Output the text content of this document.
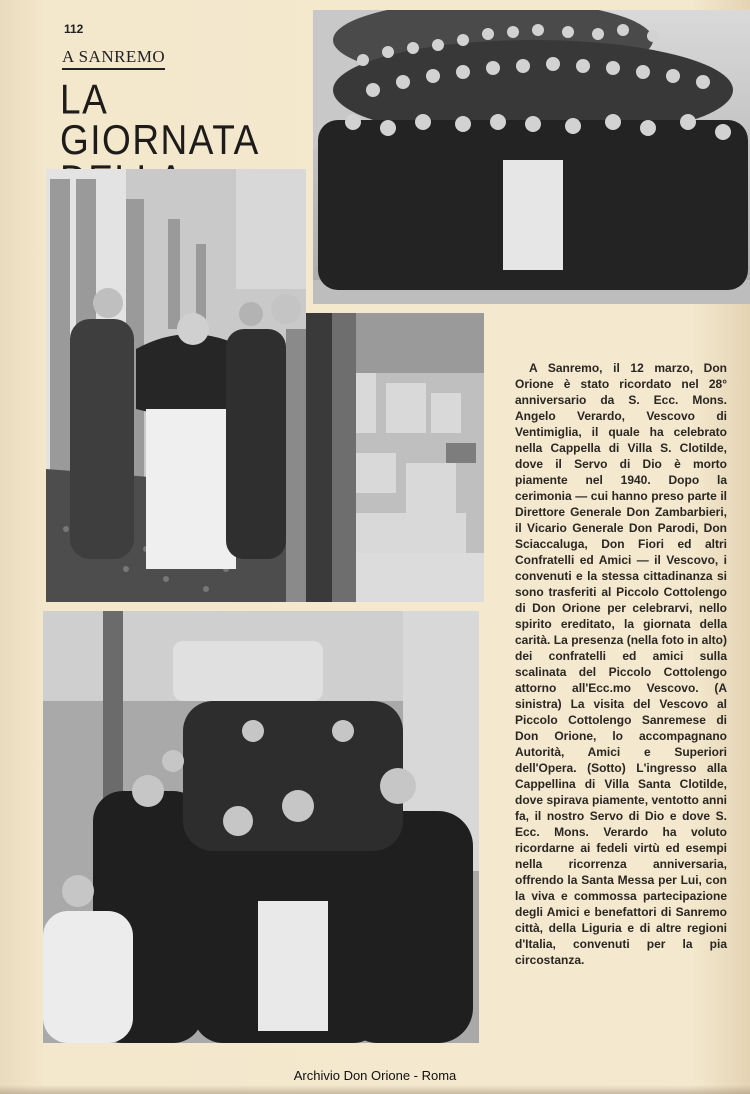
112
A SANREMO
LA GIORNATA

A Sanremo, il 12 marzo, Don Orione è stato ricordato nel 28° anniversario da S. Ecc. Mons. Angelo Verardo, Vescovo di Ventimiglia, il quale ha celebrato nella Cappella di Villa S. Clotilde, dove il Servo di Dio è morto piamente nel 1940. Dopo la cerimonia — cui hanno preso parte il Direttore Generale Don Zambarbieri, il Vicario Generale Don Parodi, Don Sciaccaluga, Don Fiori ed altri Confratelli ed Amici — il Vescovo, i convenuti e la stessa cittadinanza si sono trasferiti al Piccolo Cottolengo di Don Orione per celebrarvi, nello spirito ereditato, la giornata della carità. La presenza (nella foto in alto) dei confratelli ed amici sulla scalinata del Piccolo Cottolengo attorno all'Ecc.mo Vescovo. (A sinistra) La visita del Vescovo al Piccolo Cottolengo Sanremese di Don Orione, lo accompagnano Autorità, Amici e Superiori dell'Opera. (Sotto) L'ingresso alla Cappellina di Villa Santa Clotilde, dove spirava piamente, ventotto anni fa, il nostro Servo di Dio e dove S. Ecc. Mons. Verardo ha voluto ricordarne ai fedeli virtù ed esempi nella ricorrenza anniversaria, offrendo la Santa Messa per Lui, con la viva e commossa partecipazione degli Amici e benefattori di Sanremo città, della Liguria e di altre regioni d'Italia, convenuti per la pia circostanza.

Archivio Don Orione - Roma
